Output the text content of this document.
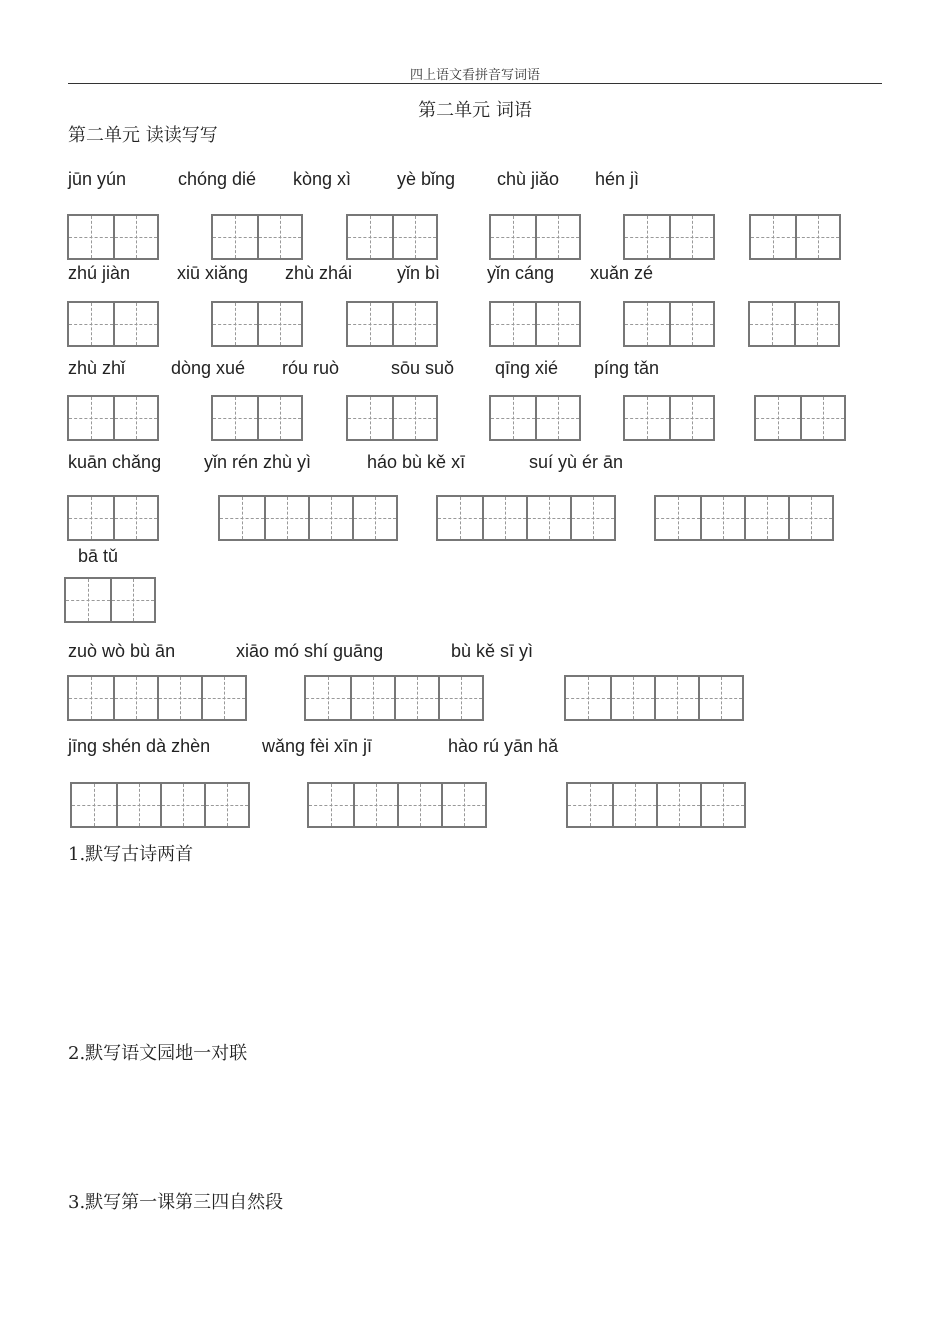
四上语文看拼音写词语
第二单元 词语
第二单元 读读写写
jūn yún	chóng dié kòng xì	yè bǐng chù jiǎo hén jì
zhú jiàn	xiū xiǎng zhù zhái yǐn bì	yǐn cáng xuǎn zé
zhù zhǐ	dòng xué róu ruò	sōu suǒ qīng xié píng tǎn
kuān chǎng yǐn rén zhù yì	háo bù kě xī	suí yù ér ān
bā tǔ
zuò wò bù ān	xiāo mó shí guāng	bù kě sī yì
jīng shén dà zhèn	wǎng fèi xīn jī	hào rú yān hǎ
1.默写古诗两首
2.默写语文园地一对联
3.默写第一课第三四自然段
